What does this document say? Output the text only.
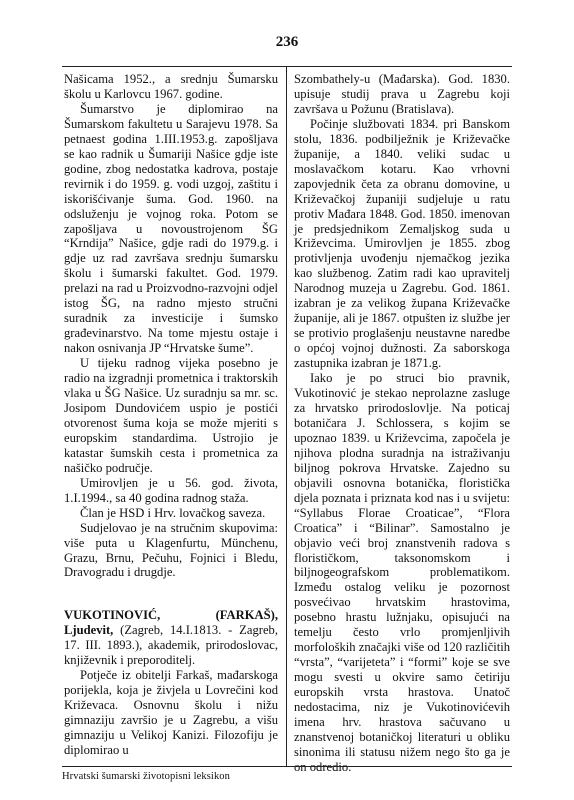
236

Našicama 1952., a srednju Šumarsku školu u Karlovcu 1967. godine.

Šumarstvo je diplomirao na Šumarskom fakultetu u Sarajevu 1978. Sa petnaest godina 1.III.1953.g. zapošljava se kao radnik u Šumariji Našice gdje iste godine, zbog nedostatka kadrova, postaje revirnik i do 1959. g. vodi uzgoj, zaštitu i iskorišćivanje šuma. God. 1960. na odsluženju je vojnog roka. Potom se zapošljava u novoustrojenom ŠG “Krndija” Našice, gdje radi do 1979.g. i gdje uz rad završava srednju šumarsku školu i šumarski fakultet. God. 1979. prelazi na rad u Proizvodno-razvojni odjel istog ŠG, na radno mjesto stručni suradnik za investicije i šumsko građevinarstvo. Na tome mjestu ostaje i nakon osnivanja JP “Hrvatske šume”.

U tijeku radnog vijeka posebno je radio na izgradnji prometnica i traktorskih vlaka u ŠG Našice. Uz suradnju sa mr. sc. Josipom Dundovićem uspio je postići otvorenost šuma koja se može mjeriti s europskim standardima. Ustrojio je katastar šumskih cesta i prometnica za našičko područje.

Umirovljen je u 56. god. života, 1.I.1994., sa 40 godina radnog staža.

Član je HSD i Hrv. lovačkog saveza.

Sudjelovao je na stručnim skupovima: više puta u Klagenfurtu, Münchenu, Grazu, Brnu, Pečuhu, Fojnici i Bledu, Dravogradu i drugdje.

VUKOTINOVIĆ, (FARKAŠ), Ljudevit, (Zagreb, 14.I.1813. - Zagreb, 17. III. 1893.), akademik, prirodoslovac, književnik i preporoditelj.

Potječe iz obitelji Farkaš, mađarskoga porijekla, koja je živjela u Lovrečini kod Križevaca. Osnovnu školu i nižu gimnaziju završio je u Zagrebu, a višu gimnaziju u Velikoj Kanizi. Filozofiju je diplomirao u

Szombathely-u (Mađarska). God. 1830. upisuje studij prava u Zagrebu koji završava u Požunu (Bratislava).

Počinje službovati 1834. pri Banskom stolu, 1836. podbilježnik je Križevačke županije, a 1840. veliki sudac u moslavačkom kotaru. Kao vrhovni zapovjednik četa za obranu domovine, u Križevačkoj županiji sudjeluje u ratu protiv Mađara 1848. God. 1850. imenovan je predsjednikom Zemaljskog suda u Križevcima. Umirovljen je 1855. zbog protivljenja uvođenju njemačkog jezika kao službenog. Zatim radi kao upravitelj Narodnog muzeja u Zagrebu. God. 1861. izabran je za velikog župana Križevačke županije, ali je 1867. otpušten iz službe jer se protivio proglašenju neustavne naredbe o općoj vojnoj dužnosti. Za saborskoga zastupnika izabran je 1871.g.

Iako je po struci bio pravnik, Vukotinović je stekao neprolazne zasluge za hrvatsko prirodoslovlje. Na poticaj botaničara J. Schlossera, s kojim se upoznao 1839. u Križevcima, započela je njihova plodna suradnja na istraživanju biljnog pokrova Hrvatske. Zajedno su objavili osnovna botanička, floristička djela poznata i priznata kod nas i u svijetu: “Syllabus Florae Croaticae”, “Flora Croatica” i “Bilinar”. Samostalno je objavio veći broj znanstvenih radova s florističkom, taksonomskom i biljnogeografskom problematikom. Između ostalog veliku je pozornost posvećivao hrvatskim hrastovima, posebno hrastu lužnjaku, opisujući na temelju često vrlo promjenljivih morfoloških značajki više od 120 različitih “vrsta”, “varijeteta” i “formi” koje se sve mogu svesti u okvire samo četiriju europskih vrsta hrastova. Unatoč nedostacima, niz je Vukotinovićevih imena hrv. hrastova sačuvano u znanstvenoj botaničkoj literaturi u obliku sinonima ili statusu nižem nego što ga je on odredio.

Hrvatski šumarski životopisni leksikon
